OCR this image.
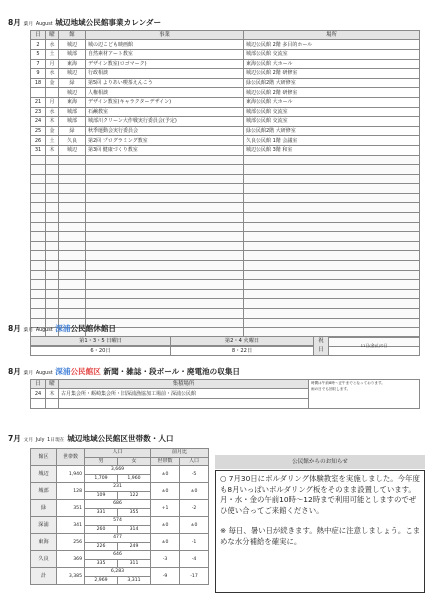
8月 葉月 August 城辺地域公民館事業カレンダー
日	曜	館	事業	場所
2	水	城辺	城の辺こども映画館	城辺公民館 2階 多目的ホール
5	土	城部	自然素材アート教室	城部公民館 交流室
7	月	東海	デザイン教室(ロゴマーク)	東海公民館 大ホール
9	水	城辺	行政相談	城辺公民館 2階 研修室
18	金	緑	第5回 よりあい喫茶えんこう	緑公民館2階 大研修室
		城辺	人権相談	城辺公民館 2階 研修室
21	月	東海	デザイン教室(キャラクターデザイン)	東海公民館 大ホール
23	水	城部	石鹸教室	城部公民館 交流室
24	木	城部	城部川クリーン大作戦実行委員会(予定)	城部公民館 交流室
25	金	緑	秋季運動会実行委員会	緑公民館2階 大研修室
26	土	久良	第2回 プログラミング教室	久良公民館 1階 会議室
31	木	城辺	第3回 健康づくり教室	城辺公民館 3階 和室

8月 葉月 August 深浦公民館休館日
第1・3・5 日曜日	第2・4 火曜日	祝
日	11日(金)山の日
6・20日	8・22日		
8月 葉月 August 深浦公民館区 新聞・雑誌・段ボール・廃電池の収集日
日	曜	集積場所	時間は午前8時〜正午までとなっております。
雨の日でも回収します。
24	木	古月集会所・蛎崎集会所・旧深浦漁協加工場前・深浦公民館	

7月 文月 July 1日現在 城辺地域公民館区世帯数・人口
館区	世帯数	人口		前月比	
		男	女	世帯数	人口
城辺	1,940	3,669		±0	-5
		1,709	1,960		
城部	128	231		±0	±0
		109	122		
緑	351	686		+1	-2
		331	355		
深浦	341	574		±0	±0
		260	314		
東海	256	477		±0	-1
		226	249		
久良	369	646		-3	-4
		335	311		
計	3,385	6,283		-9	-17
		2,969	3,311		
公民館からのお知らせ
○ 7月30日にボルダリング体験教室を実施しました。今年度も8月いっぱいボルダリング板をそのまま設置しています。月・水・金の午前10時〜12時まで利用可能としますのでぜひ使い合ってご来館ください。
※ 毎日、暑い日が続きます。熱中症に注意しましょう。こまめな水分補給を確実に。
